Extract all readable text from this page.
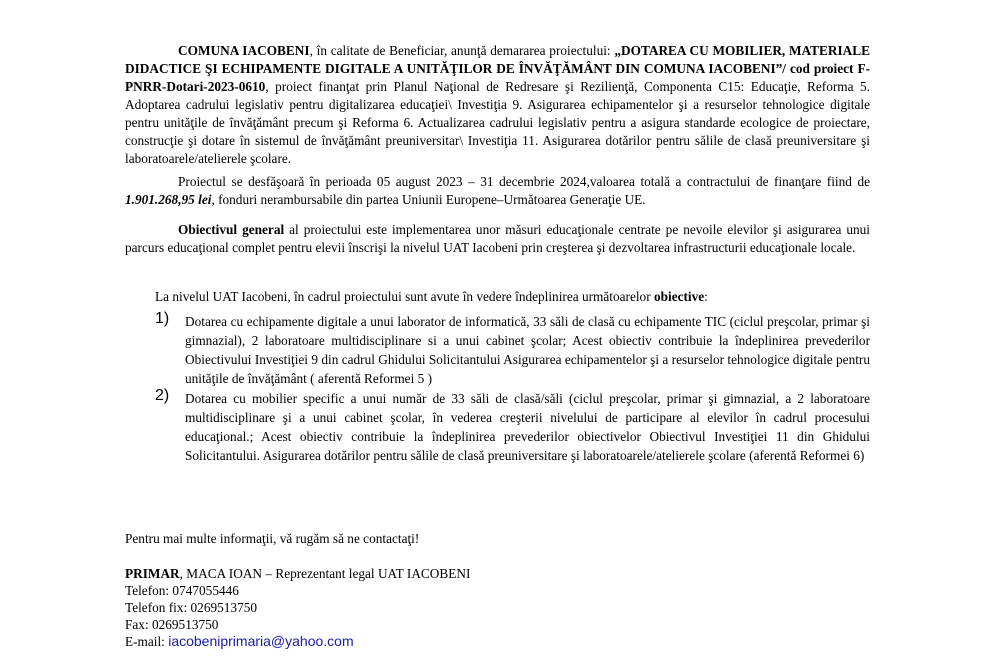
COMUNA IACOBENI, în calitate de Beneficiar, anunţă demararea proiectului: „DOTAREA CU MOBILIER, MATERIALE DIDACTICE ŞI ECHIPAMENTE DIGITALE A UNITĂŢILOR DE ÎNVĂŢĂMÂNT DIN COMUNA IACOBENI”/ cod proiect F-PNRR-Dotari-2023-0610, proiect finanţat prin Planul Naţional de Redresare şi Rezilienţă, Componenta C15: Educaţie, Reforma 5. Adoptarea cadrului legislativ pentru digitalizarea educaţiei\ Investiţia 9. Asigurarea echipamentelor şi a resurselor tehnologice digitale pentru unităţile de învăţământ precum şi Reforma 6. Actualizarea cadrului legislativ pentru a asigura standarde ecologice de proiectare, construcţie şi dotare în sistemul de învăţământ preuniversitar\ Investiţia 11. Asigurarea dotărilor pentru sălile de clasă preuniversitare şi laboratoarele/atelierele şcolare.

Proiectul se desfăşoară în perioada 05 august 2023 – 31 decembrie 2024,valoarea totală a contractului de finanţare fiind de 1.901.268,95 lei, fonduri nerambursabile din partea Uniunii Europene–Următoarea Generaţie UE.

Obiectivul general al proiectului este implementarea unor măsuri educaţionale centrate pe nevoile elevilor şi asigurarea unui parcurs educaţional complet pentru elevii înscrişi la nivelul UAT Iacobeni prin creşterea şi dezvoltarea infrastructurii educaţionale locale.

La nivelul UAT Iacobeni, în cadrul proiectului sunt avute în vedere îndeplinirea următoarelor obiective:

1) Dotarea cu echipamente digitale a unui laborator de informatică, 33 săli de clasă cu echipamente TIC (ciclul preşcolar, primar şi gimnazial), 2 laboratoare multidisciplinare si a unui cabinet şcolar; Acest obiectiv contribuie la îndeplinirea prevederilor Obiectivului Investiţiei 9 din cadrul Ghidului Solicitantului Asigurarea echipamentelor şi a resurselor tehnologice digitale pentru unităţile de învăţământ ( aferentă Reformei 5 )
2) Dotarea cu mobilier specific a unui număr de 33 săli de clasă/săli (ciclul preşcolar, primar şi gimnazial, a 2 laboratoare multidisciplinare şi a unui cabinet şcolar, în vederea creşterii nivelului de participare al elevilor în cadrul procesului educaţional.; Acest obiectiv contribuie la îndeplinirea prevederilor obiectivelor Obiectivul Investiţiei 11 din Ghidului Solicitantului. Asigurarea dotărilor pentru sălile de clasă preuniversitare şi laboratoarele/atelierele şcolare (aferentă Reformei 6)
Pentru mai multe informaţii, vă rugăm să ne contactaţi!
PRIMAR, MACA IOAN – Reprezentant legal UAT IACOBENI
Telefon: 0747055446
Telefon fix: 0269513750
Fax: 0269513750
E-mail: iacobeniprimaria@yahoo.com
